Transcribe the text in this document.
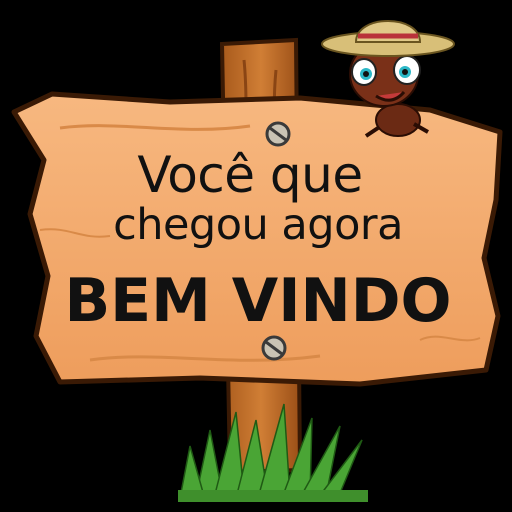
Você que
chegou agora
BEM VINDO
